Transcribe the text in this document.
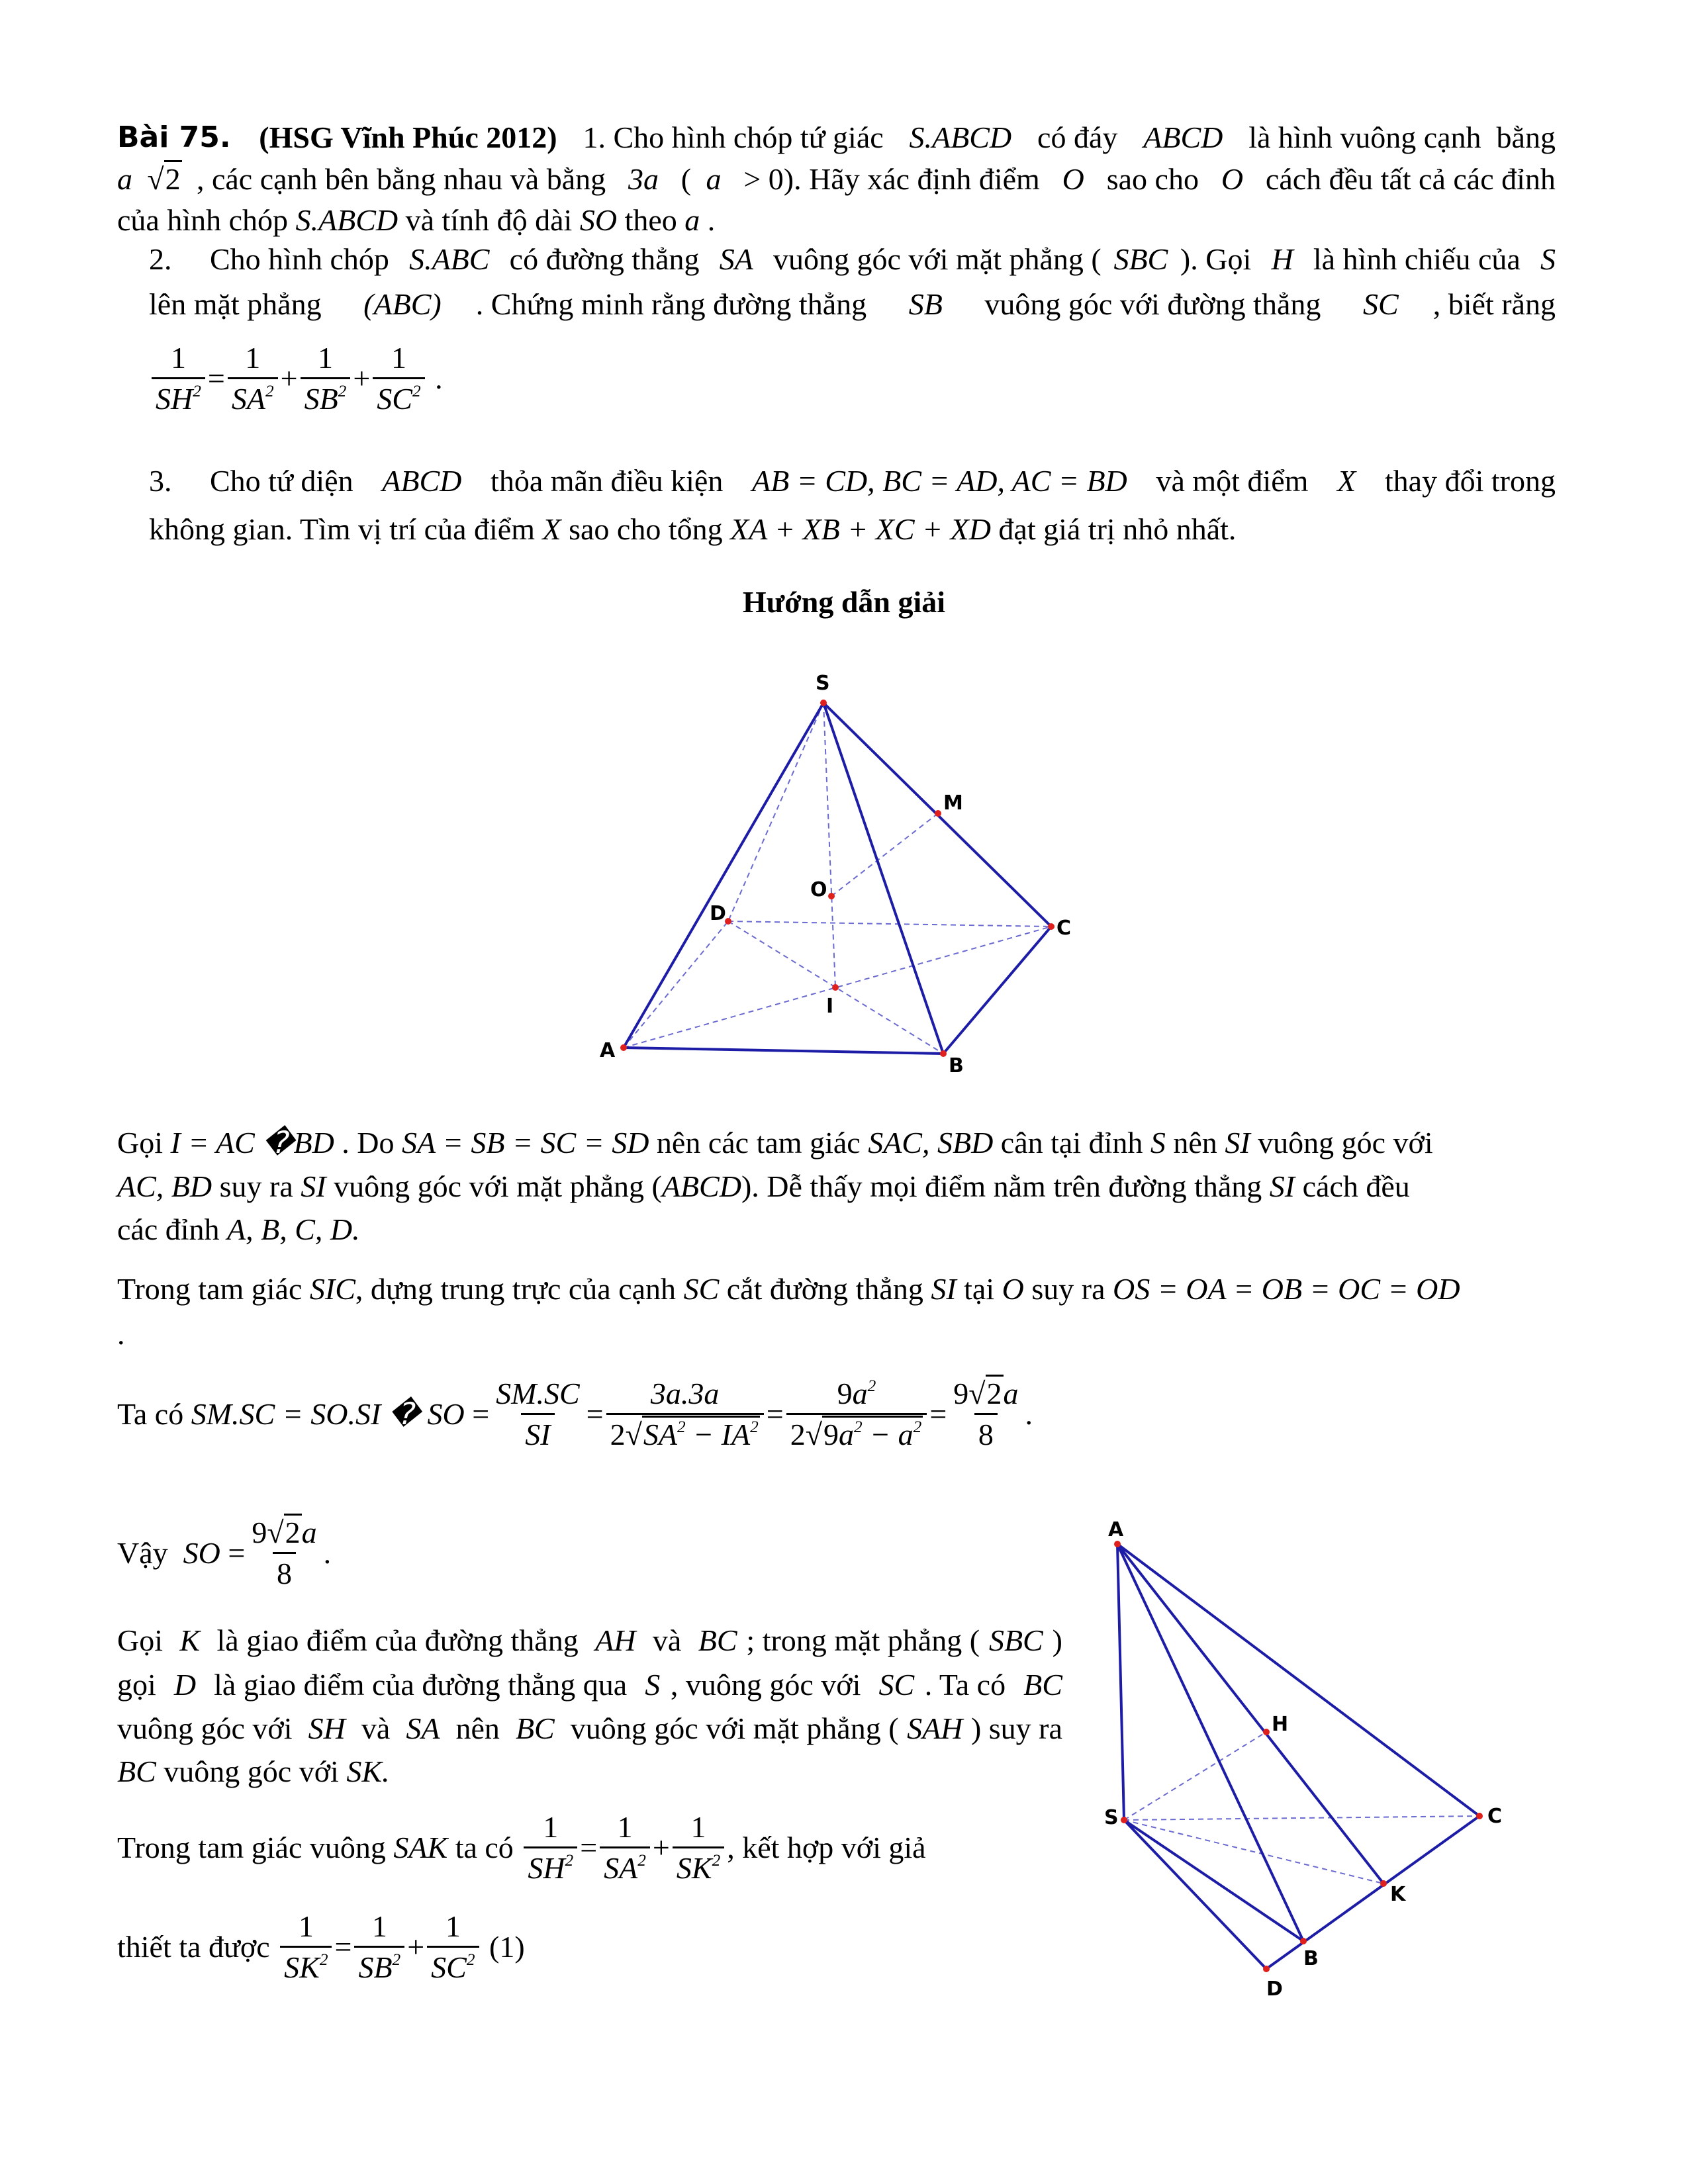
Bài 75. (HSG Vĩnh Phúc 2012) 1. Cho hình chóp tứ giác S.ABCD có đáy ABCD là hình vuông cạnh  bằng
a √2 , các cạnh bên bằng nhau và bằng 3a ( a > 0). Hãy xác định điểm O sao cho O cách đều tất cả các đỉnh
của hình chóp S.ABCD và tính độ dài SO theo a .
2.     Cho hình chóp S.ABC có đường thẳng SA vuông góc với mặt phẳng ( SBC ). Gọi H là hình chiếu của S
lên mặt phẳng (ABC) . Chứng minh rằng đường thẳng SB vuông góc với đường thẳng SC , biết rằng
$\frac{1}{SH^2} = \frac{1}{SA^2} + \frac{1}{SB^2} + \frac{1}{SC^2}$ .
3.     Cho tứ diện ABCD thỏa mãn điều kiện AB = CD, BC = AD, AC = BD và một điểm X thay đổi trong
không gian. Tìm vị trí của điểm X sao cho tổng XA + XB + XC + XD đạt giá trị nhỏ nhất.
Hướng dẫn giải
S
M
O
D
C
I
A
B
A
H
S	C
K
B
D
Gọi I = AC �BD . Do SA = SB = SC = SD nên các tam giác SAC, SBD cân tại đỉnh S nên SI vuông góc với
AC, BD suy ra SI vuông góc với mặt phẳng ( ABCD ). Dễ thấy mọi điểm nằm trên đường thẳng SI cách đều
các đỉnh A, B, C, D.
Trong tam giác SIC , dựng trung trực của cạnh SC cắt đường thẳng SI tại O suy ra OS = OA = OB = OC = OD
.
Ta có SM.SC = SO.SI � SO = $\frac{SM.SC}{SI} = \frac{3a.3a}{2√SA^2 - IA^2} = \frac{9a^2}{2√9a^2 - a^2} = \frac{9√2a}{8}$ .
Vậy SO = $\frac{9√2a}{8}$ .
Gọi K là giao điểm của đường thẳng AH và BC ; trong mặt phẳng ( SBC )
gọi D là giao điểm của đường thẳng qua S , vuông góc với SC . Ta có BC
vuông góc với SH và SA nên BC vuông góc với mặt phẳng ( SAH ) suy ra
BC vuông góc với SK.
Trong tam giác vuông SAK ta có $\frac{1}{SH^2} = \frac{1}{SA^2} + \frac{1}{SK^2}$ , kết hợp với giả
thiết ta được $\frac{1}{SK^2} = \frac{1}{SB^2} + \frac{1}{SC^2} (1)$
